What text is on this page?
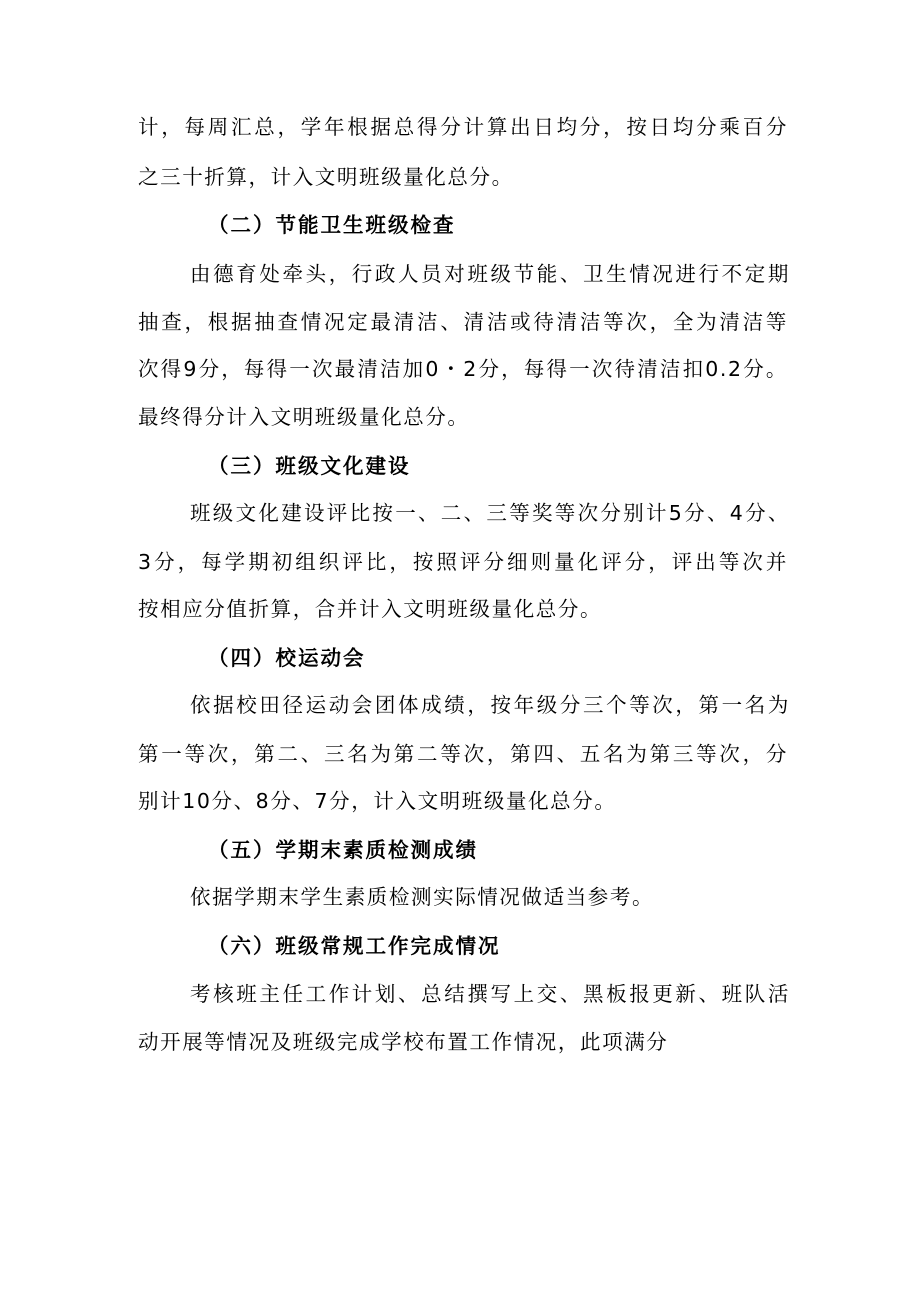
计，每周汇总，学年根据总得分计算出日均分，按日均分乘百分
之三十折算，计入文明班级量化总分。
（二）节能卫生班级检查
由德育处牵头，行政人员对班级节能、卫生情况进行不定期
抽查，根据抽查情况定最清洁、清洁或待清洁等次，全为清洁等
次得9分，每得一次最清洁加0・2分，每得一次待清洁扣0.2分。
最终得分计入文明班级量化总分。
（三）班级文化建设
班级文化建设评比按一、二、三等奖等次分别计5分、4分、
3分，每学期初组织评比，按照评分细则量化评分，评出等次并
按相应分值折算，合并计入文明班级量化总分。
（四）校运动会
依据校田径运动会团体成绩，按年级分三个等次，第一名为
第一等次，第二、三名为第二等次，第四、五名为第三等次，分
别计10分、8分、7分，计入文明班级量化总分。
（五）学期末素质检测成绩
依据学期末学生素质检测实际情况做适当参考。
（六）班级常规工作完成情况
考核班主任工作计划、总结撰写上交、黑板报更新、班队活
动开展等情况及班级完成学校布置工作情况，此项满分
